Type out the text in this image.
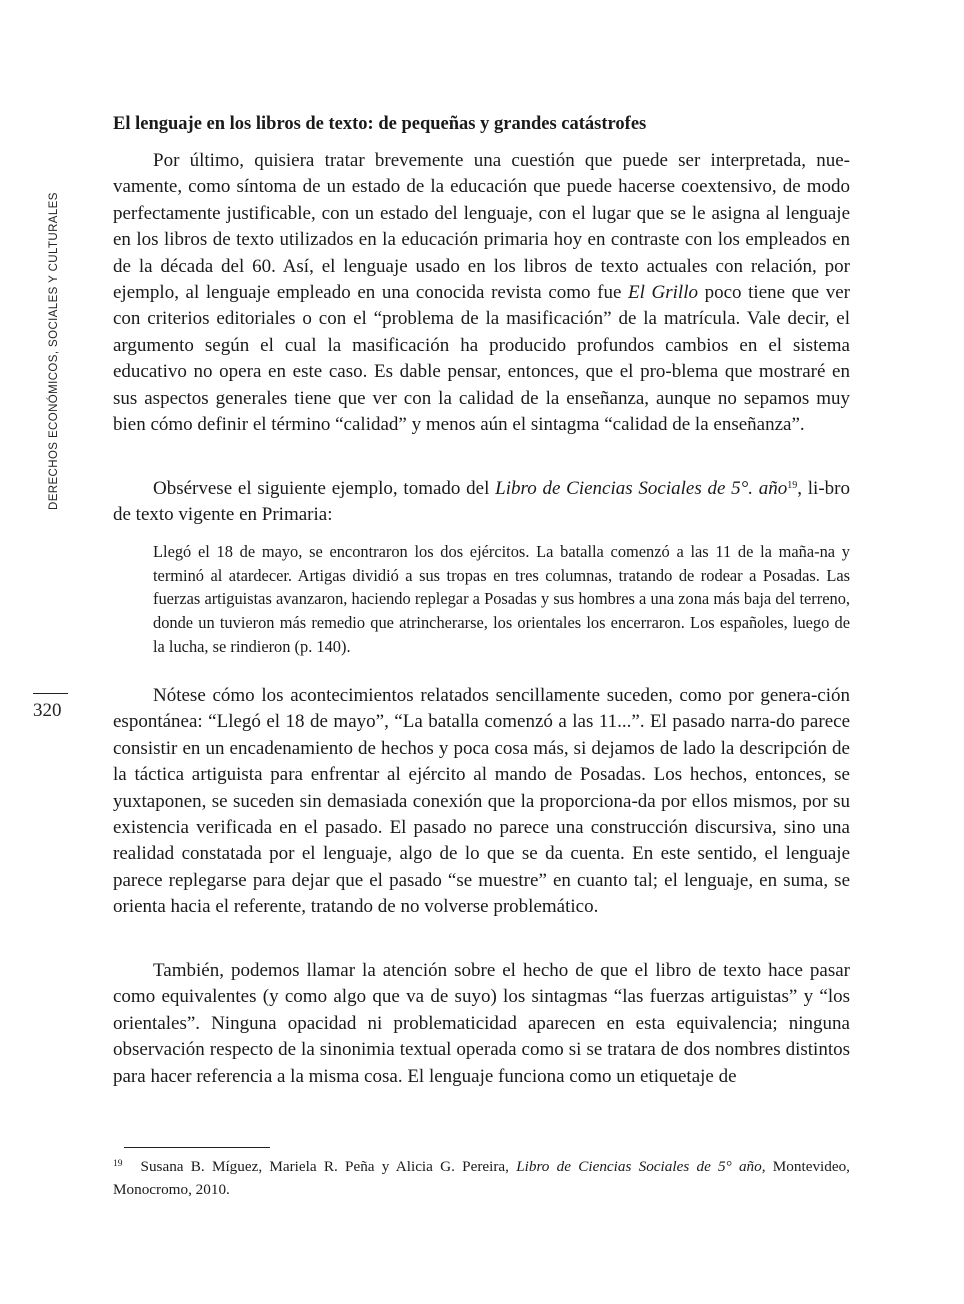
DERECHOS ECONÓMICOS, SOCIALES Y CULTURALES
320
El lenguaje en los libros de texto: de pequeñas y grandes catástrofes

Por último, quisiera tratar brevemente una cuestión que puede ser interpretada, nue-vamente, como síntoma de un estado de la educación que puede hacerse coextensivo, de modo perfectamente justificable, con un estado del lenguaje, con el lugar que se le asigna al lenguaje en los libros de texto utilizados en la educación primaria hoy en contraste con los empleados en de la década del 60. Así, el lenguaje usado en los libros de texto actuales con relación, por ejemplo, al lenguaje empleado en una conocida revista como fue El Grillo poco tiene que ver con criterios editoriales o con el “problema de la masificación” de la matrícula. Vale decir, el argumento según el cual la masificación ha producido profundos cambios en el sistema educativo no opera en este caso. Es dable pensar, entonces, que el pro-blema que mostraré en sus aspectos generales tiene que ver con la calidad de la enseñanza, aunque no sepamos muy bien cómo definir el término “calidad” y menos aún el sintagma “calidad de la enseñanza”.

Obsérvese el siguiente ejemplo, tomado del Libro de Ciencias Sociales de 5°. año$^{19}$, li-bro de texto vigente en Primaria:

Llegó el 18 de mayo, se encontraron los dos ejércitos. La batalla comenzó a las 11 de la maña-na y terminó al atardecer. Artigas dividió a sus tropas en tres columnas, tratando de rodear a Posadas. Las fuerzas artiguistas avanzaron, haciendo replegar a Posadas y sus hombres a una zona más baja del terreno, donde un tuvieron más remedio que atrincherarse, los orientales los encerraron. Los españoles, luego de la lucha, se rindieron (p. 140).

Nótese cómo los acontecimientos relatados sencillamente suceden, como por genera-ción espontánea: “Llegó el 18 de mayo”, “La batalla comenzó a las 11...”. El pasado narra-do parece consistir en un encadenamiento de hechos y poca cosa más, si dejamos de lado la descripción de la táctica artiguista para enfrentar al ejército al mando de Posadas. Los hechos, entonces, se yuxtaponen, se suceden sin demasiada conexión que la proporciona-da por ellos mismos, por su existencia verificada en el pasado. El pasado no parece una construcción discursiva, sino una realidad constatada por el lenguaje, algo de lo que se da cuenta. En este sentido, el lenguaje parece replegarse para dejar que el pasado “se muestre” en cuanto tal; el lenguaje, en suma, se orienta hacia el referente, tratando de no volverse problemático.

También, podemos llamar la atención sobre el hecho de que el libro de texto hace pasar como equivalentes (y como algo que va de suyo) los sintagmas “las fuerzas artiguistas” y “los orientales”. Ninguna opacidad ni problematicidad aparecen en esta equivalencia; ninguna observación respecto de la sinonimia textual operada como si se tratara de dos nombres distintos para hacer referencia a la misma cosa. El lenguaje funciona como un etiquetaje de

$^{19}$ Susana B. Míguez, Mariela R. Peña y Alicia G. Pereira, Libro de Ciencias Sociales de 5° año, Montevideo, Monocromo, 2010.
